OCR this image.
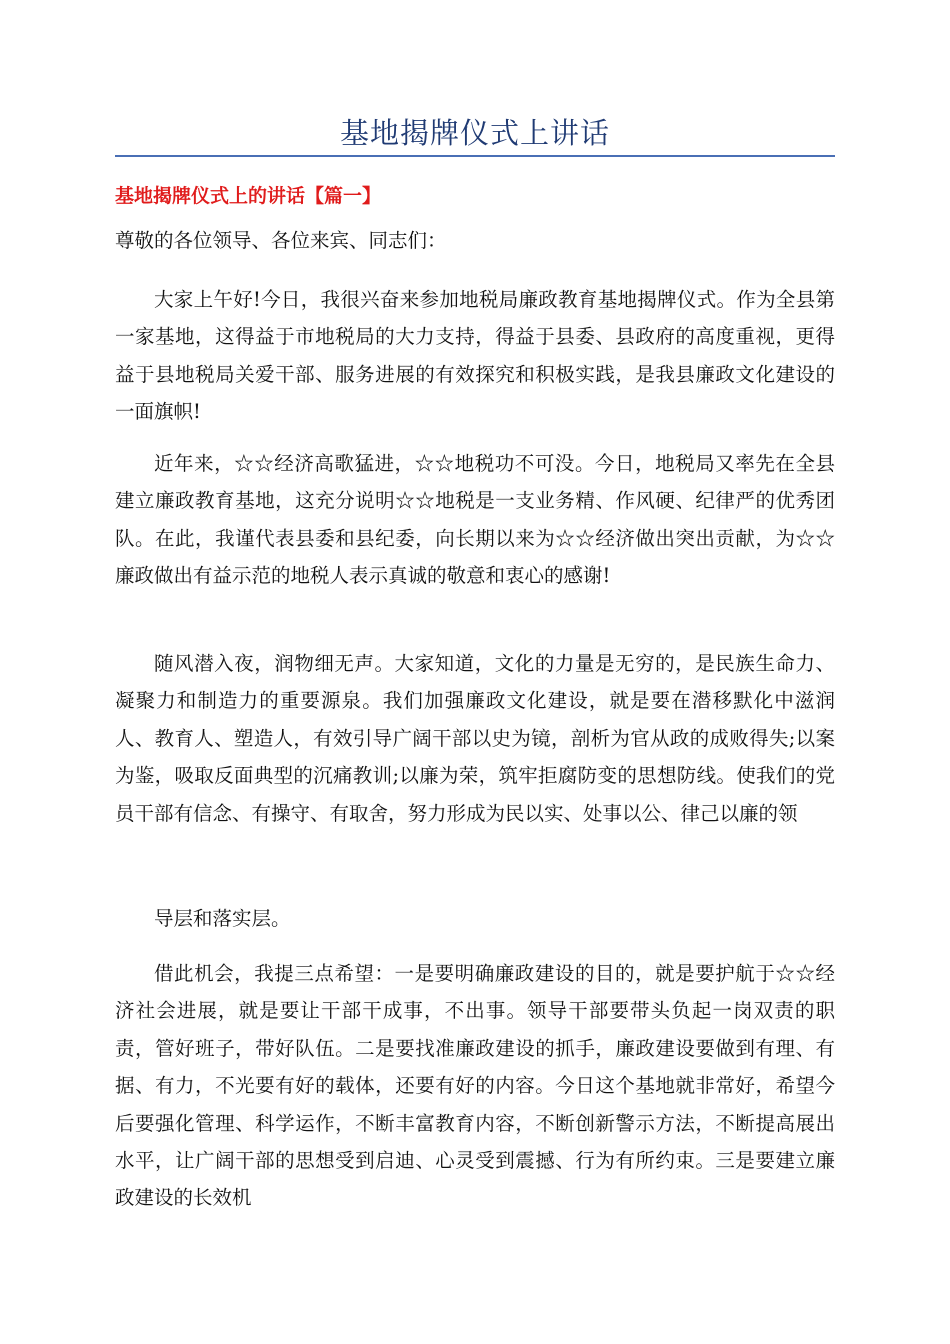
基地揭牌仪式上讲话
基地揭牌仪式上的讲话【篇一】
尊敬的各位领导、各位来宾、同志们：

大家上午好!今日，我很兴奋来参加地税局廉政教育基地揭牌仪式。作为全县第一家基地，这得益于市地税局的大力支持，得益于县委、县政府的高度重视，更得益于县地税局关爱干部、服务进展的有效探究和积极实践，是我县廉政文化建设的一面旗帜!

近年来，☆☆经济高歌猛进，☆☆地税功不可没。今日，地税局又率先在全县建立廉政教育基地，这充分说明☆☆地税是一支业务精、作风硬、纪律严的优秀团队。在此，我谨代表县委和县纪委，向长期以来为☆☆经济做出突出贡献，为☆☆廉政做出有益示范的地税人表示真诚的敬意和衷心的感谢!

随风潜入夜，润物细无声。大家知道，文化的力量是无穷的，是民族生命力、凝聚力和制造力的重要源泉。我们加强廉政文化建设，就是要在潜移默化中滋润人、教育人、塑造人，有效引导广阔干部以史为镜，剖析为官从政的成败得失;以案为鉴，吸取反面典型的沉痛教训;以廉为荣，筑牢拒腐防变的思想防线。使我们的党员干部有信念、有操守、有取舍，努力形成为民以实、处事以公、律己以廉的领

导层和落实层。

借此机会，我提三点希望：一是要明确廉政建设的目的，就是要护航于☆☆经济社会进展，就是要让干部干成事，不出事。领导干部要带头负起一岗双责的职责，管好班子，带好队伍。二是要找准廉政建设的抓手，廉政建设要做到有理、有据、有力，不光要有好的载体，还要有好的内容。今日这个基地就非常好，希望今后要强化管理、科学运作，不断丰富教育内容，不断创新警示方法，不断提高展出水平，让广阔干部的思想受到启迪、心灵受到震撼、行为有所约束。三是要建立廉政建设的长效机
